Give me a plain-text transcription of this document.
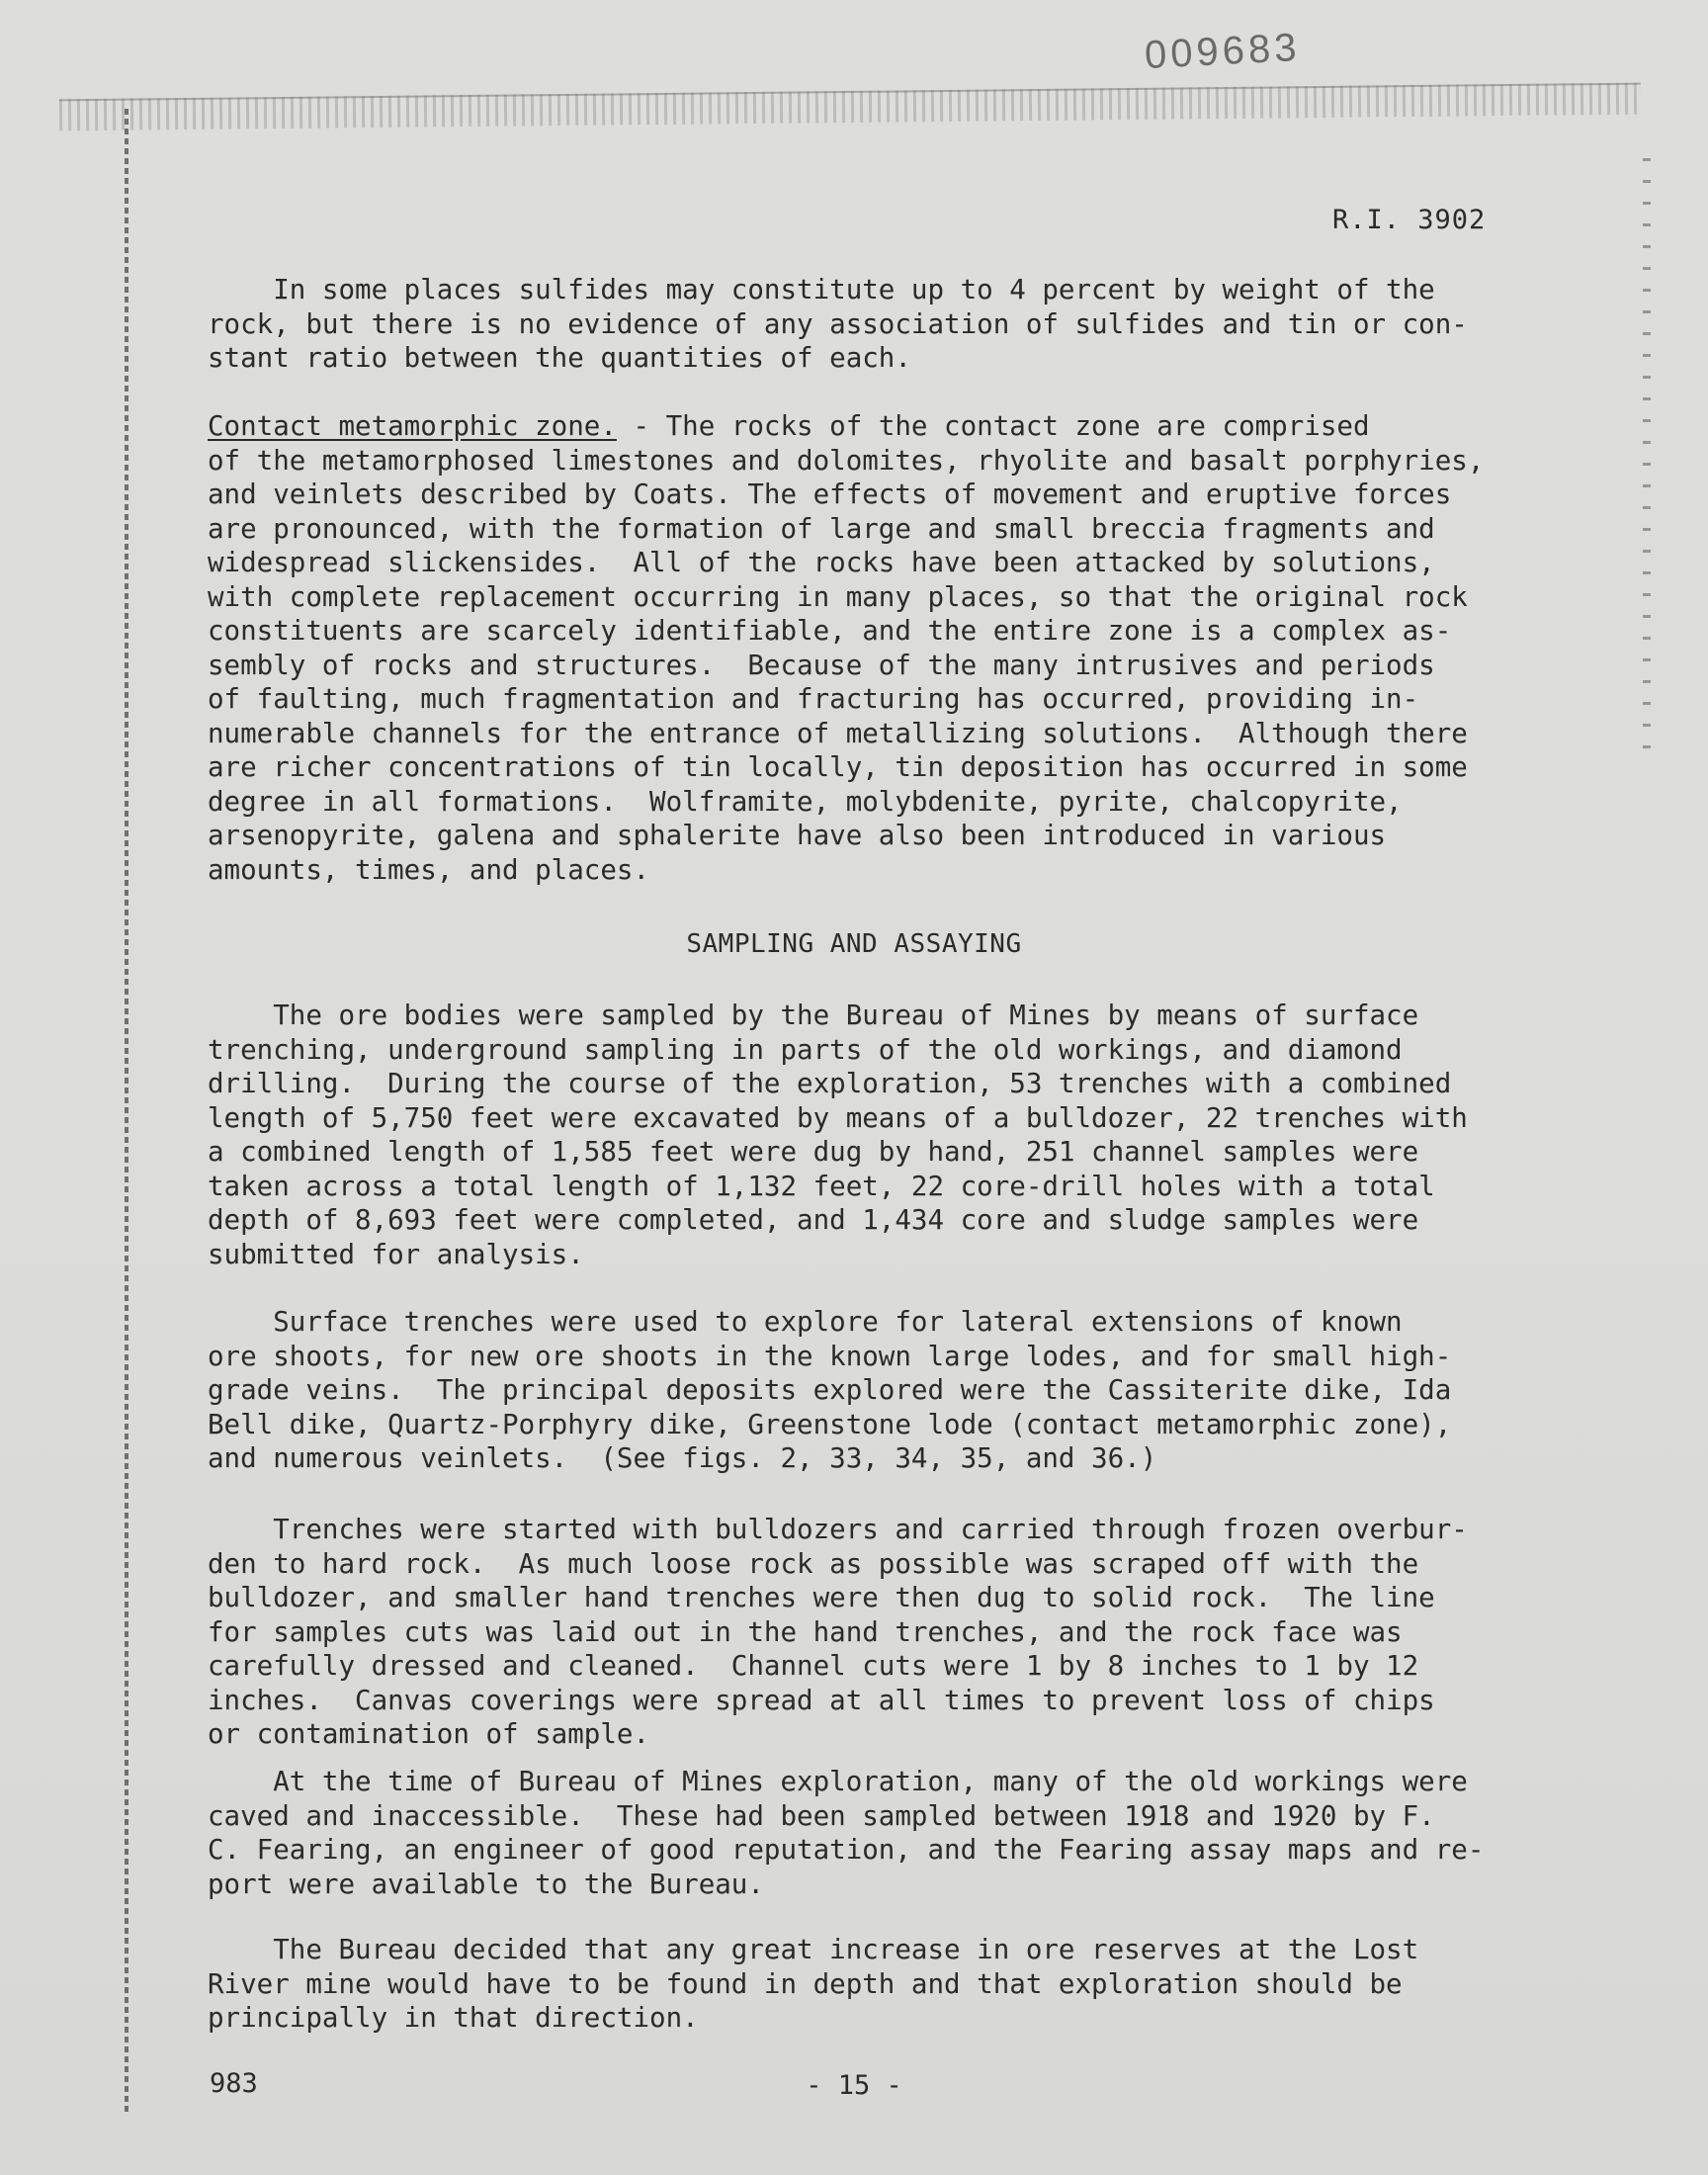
009683
R.I. 3902
In some places sulfides may constitute up to 4 percent by weight of the
rock, but there is no evidence of any association of sulfides and tin or con-
stant ratio between the quantities of each.
Contact metamorphic zone. - The rocks of the contact zone are comprised
of the metamorphosed limestones and dolomites, rhyolite and basalt porphyries,
and veinlets described by Coats. The effects of movement and eruptive forces
are pronounced, with the formation of large and small breccia fragments and
widespread slickensides.  All of the rocks have been attacked by solutions,
with complete replacement occurring in many places, so that the original rock
constituents are scarcely identifiable, and the entire zone is a complex as-
sembly of rocks and structures.  Because of the many intrusives and periods
of faulting, much fragmentation and fracturing has occurred, providing in-
numerable channels for the entrance of metallizing solutions.  Although there
are richer concentrations of tin locally, tin deposition has occurred in some
degree in all formations.  Wolframite, molybdenite, pyrite, chalcopyrite,
arsenopyrite, galena and sphalerite have also been introduced in various
amounts, times, and places.
SAMPLING AND ASSAYING
The ore bodies were sampled by the Bureau of Mines by means of surface
trenching, underground sampling in parts of the old workings, and diamond
drilling.  During the course of the exploration, 53 trenches with a combined
length of 5,750 feet were excavated by means of a bulldozer, 22 trenches with
a combined length of 1,585 feet were dug by hand, 251 channel samples were
taken across a total length of 1,132 feet, 22 core-drill holes with a total
depth of 8,693 feet were completed, and 1,434 core and sludge samples were
submitted for analysis.
Surface trenches were used to explore for lateral extensions of known
ore shoots, for new ore shoots in the known large lodes, and for small high-
grade veins.  The principal deposits explored were the Cassiterite dike, Ida
Bell dike, Quartz-Porphyry dike, Greenstone lode (contact metamorphic zone),
and numerous veinlets.  (See figs. 2, 33, 34, 35, and 36.)
Trenches were started with bulldozers and carried through frozen overbur-
den to hard rock.  As much loose rock as possible was scraped off with the
bulldozer, and smaller hand trenches were then dug to solid rock.  The line
for samples cuts was laid out in the hand trenches, and the rock face was
carefully dressed and cleaned.  Channel cuts were 1 by 8 inches to 1 by 12
inches.  Canvas coverings were spread at all times to prevent loss of chips
or contamination of sample.
At the time of Bureau of Mines exploration, many of the old workings were
caved and inaccessible.  These had been sampled between 1918 and 1920 by F.
C. Fearing, an engineer of good reputation, and the Fearing assay maps and re-
port were available to the Bureau.
The Bureau decided that any great increase in ore reserves at the Lost
River mine would have to be found in depth and that exploration should be
principally in that direction.
983	- 15 -
